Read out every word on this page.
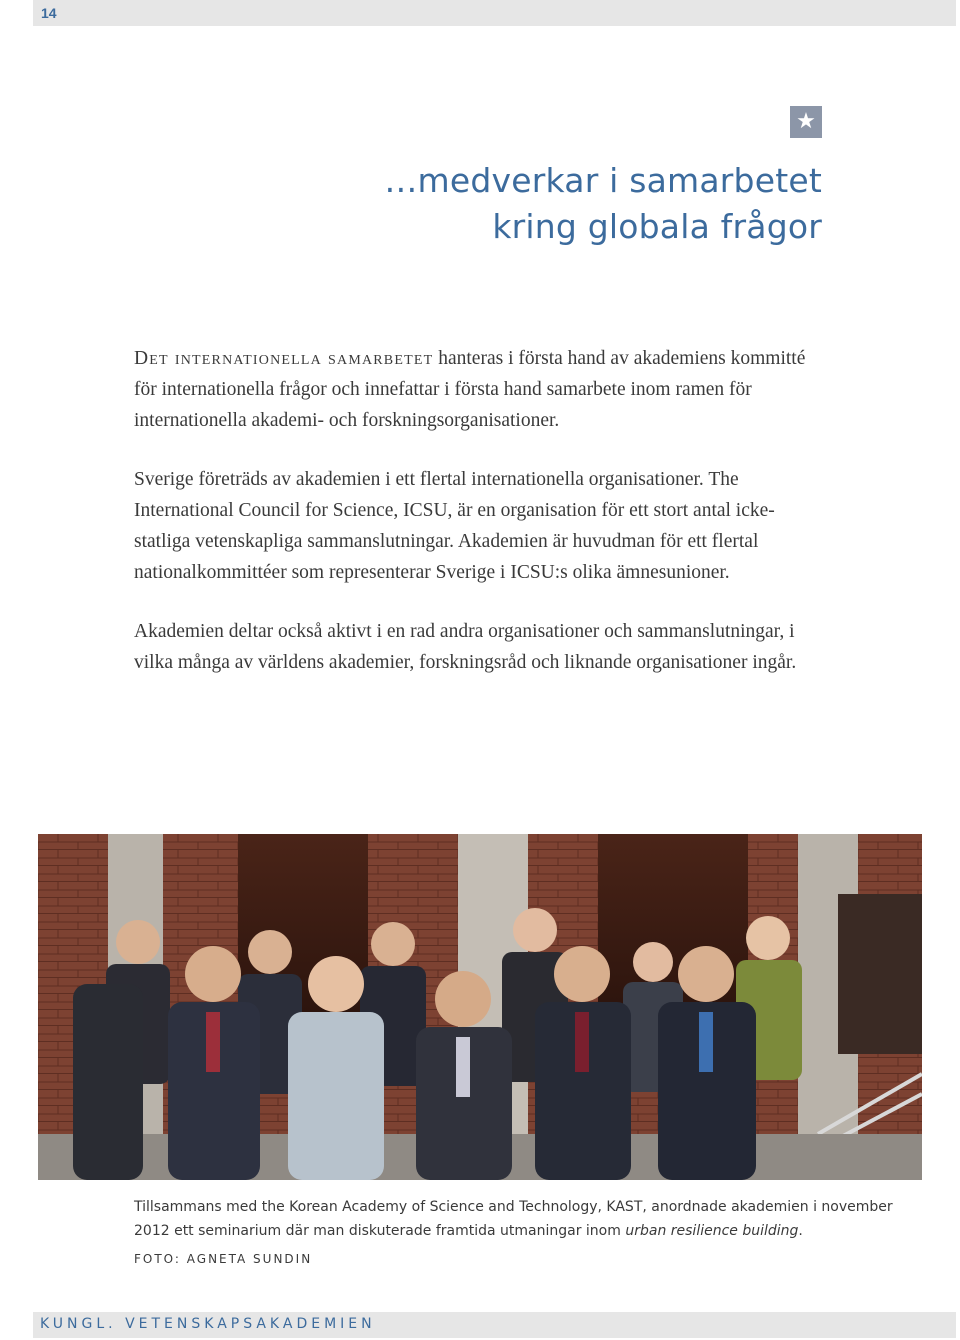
14
★
…medverkar i samarbetet
kring globala frågor

Det internationella samarbetet hanteras i första hand av akademiens kommitté för internationella frågor och innefattar i första hand samarbete inom ramen för internationella akademi- och forskningsorganisationer.

Sverige företräds av akademien i ett flertal internationella organisationer. The International Council for Science, ICSU, är en organisation för ett stort antal icke-statliga vetenskapliga sammanslutningar. Akademien är huvudman för ett flertal nationalkommittéer som representerar Sverige i ICSU:s olika ämnesunioner.

Akademien deltar också aktivt i en rad andra organisationer och sammanslutningar, i vilka många av världens akademier, forskningsråd och liknande organisationer ingår.

Tillsammans med the Korean Academy of Science and Technology, KAST, anordnade akademien i november 2012 ett seminarium där man diskuterade framtida utmaningar inom urban resilience building.

FOTO: AGNETA SUNDIN
KUNGL. VETENSKAPSAKADEMIEN
